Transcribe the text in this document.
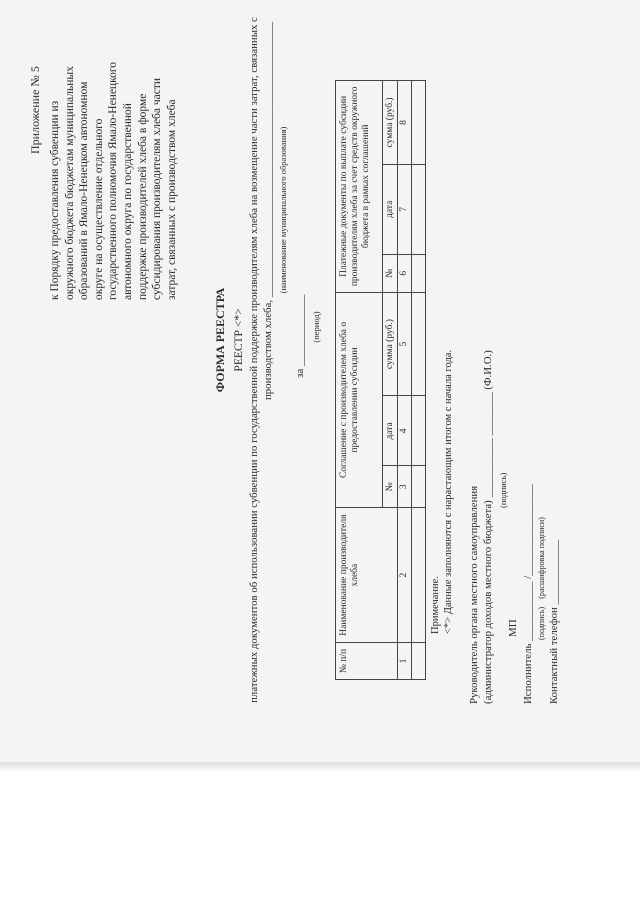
Приложение № 5 к Порядку предоставления субвенции из окружного бюджета бюджетам муниципальных образований в Ямало-Ненецком автономном округе на осуществление отдельного государственного полномочия Ямало-Ненецкого автономного округа по государственной поддержке производителей хлеба в форме субсидирования производителям хлеба части затрат, связанных с производством хлеба
ФОРМА РЕЕСТРА РЕЕСТР <*> платежных документов об использовании субвенции по государственной поддержке производителям хлеба на возмещение части затрат, связанных с производством хлеба, ___________________________________________________ (наименование муниципального образования)
за _____________ (период)
№ п/п	Наименование производителя хлеба	Соглашение с производителем хлеба о предоставлении субсидии			Платежные документы по выплате субсидии производителям хлеба за счет средств окружного бюджета в рамках соглашений		
		№	дата	сумма (руб.)	№	дата	сумма (руб.)
1	2	3	4	5	6	7	8

Примечание. <*> Данные заполняются с нарастающим итогом с начала года. Руководитель органа местного самоуправления (администратор доходов местного бюджета) ___________ ________ (Ф.И.О.) (подпись)
МП Исполнитель ___________ /_________________ (подпись)    (расшифровка подписи) Контактный телефон ____________
